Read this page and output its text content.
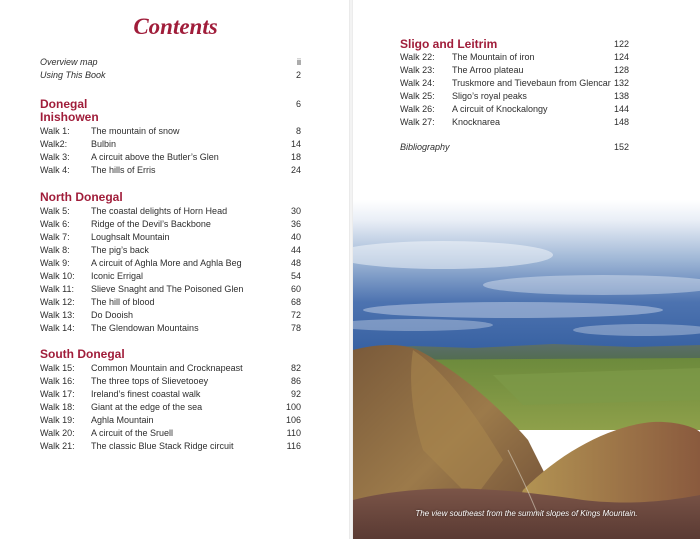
Contents
Overview map	ii
Using This Book	2
Donegal	6
Inishowen
Walk 1: The mountain of snow	8
Walk2:	Bulbin	14
Walk 3: A circuit above the Butler’s Glen	18
Walk 4: The hills of Erris	24
North Donegal
Walk 5: The coastal delights of Horn Head	30
Walk 6: Ridge of the Devil’s Backbone	36
Walk 7: Loughsalt Mountain	40
Walk 8: The pig’s back	44
Walk 9: A circuit of Aghla More and Aghla Beg	48
Walk 10: Iconic Errigal	54
Walk 11: Slieve Snaght and The Poisoned Glen	60
Walk 12: The hill of blood	68
Walk 13: Do Dooish	72
Walk 14: The Glendowan Mountains	78
South Donegal
Walk 15: Common Mountain and Crocknapeast	82
Walk 16: The three tops of Slievetooey	86
Walk 17: Ireland’s finest coastal walk	92
Walk 18: Giant at the edge of the sea	100
Walk 19: Aghla Mountain	106
Walk 20: A circuit of the Sruell	110
Walk 21: The classic Blue Stack Ridge circuit	116
Sligo and Leitrim	122
Walk 22: The Mountain of iron	124
Walk 23: The Arroo plateau	128
Walk 24: Truskmore and Tievebaun from Glencar 132
Walk 25: Sligo’s royal peaks	138
Walk 26: A circuit of Knockalongy	144
Walk 27: Knocknarea	148
Bibliography	152
The view southeast from the summit slopes of Kings Mountain.
